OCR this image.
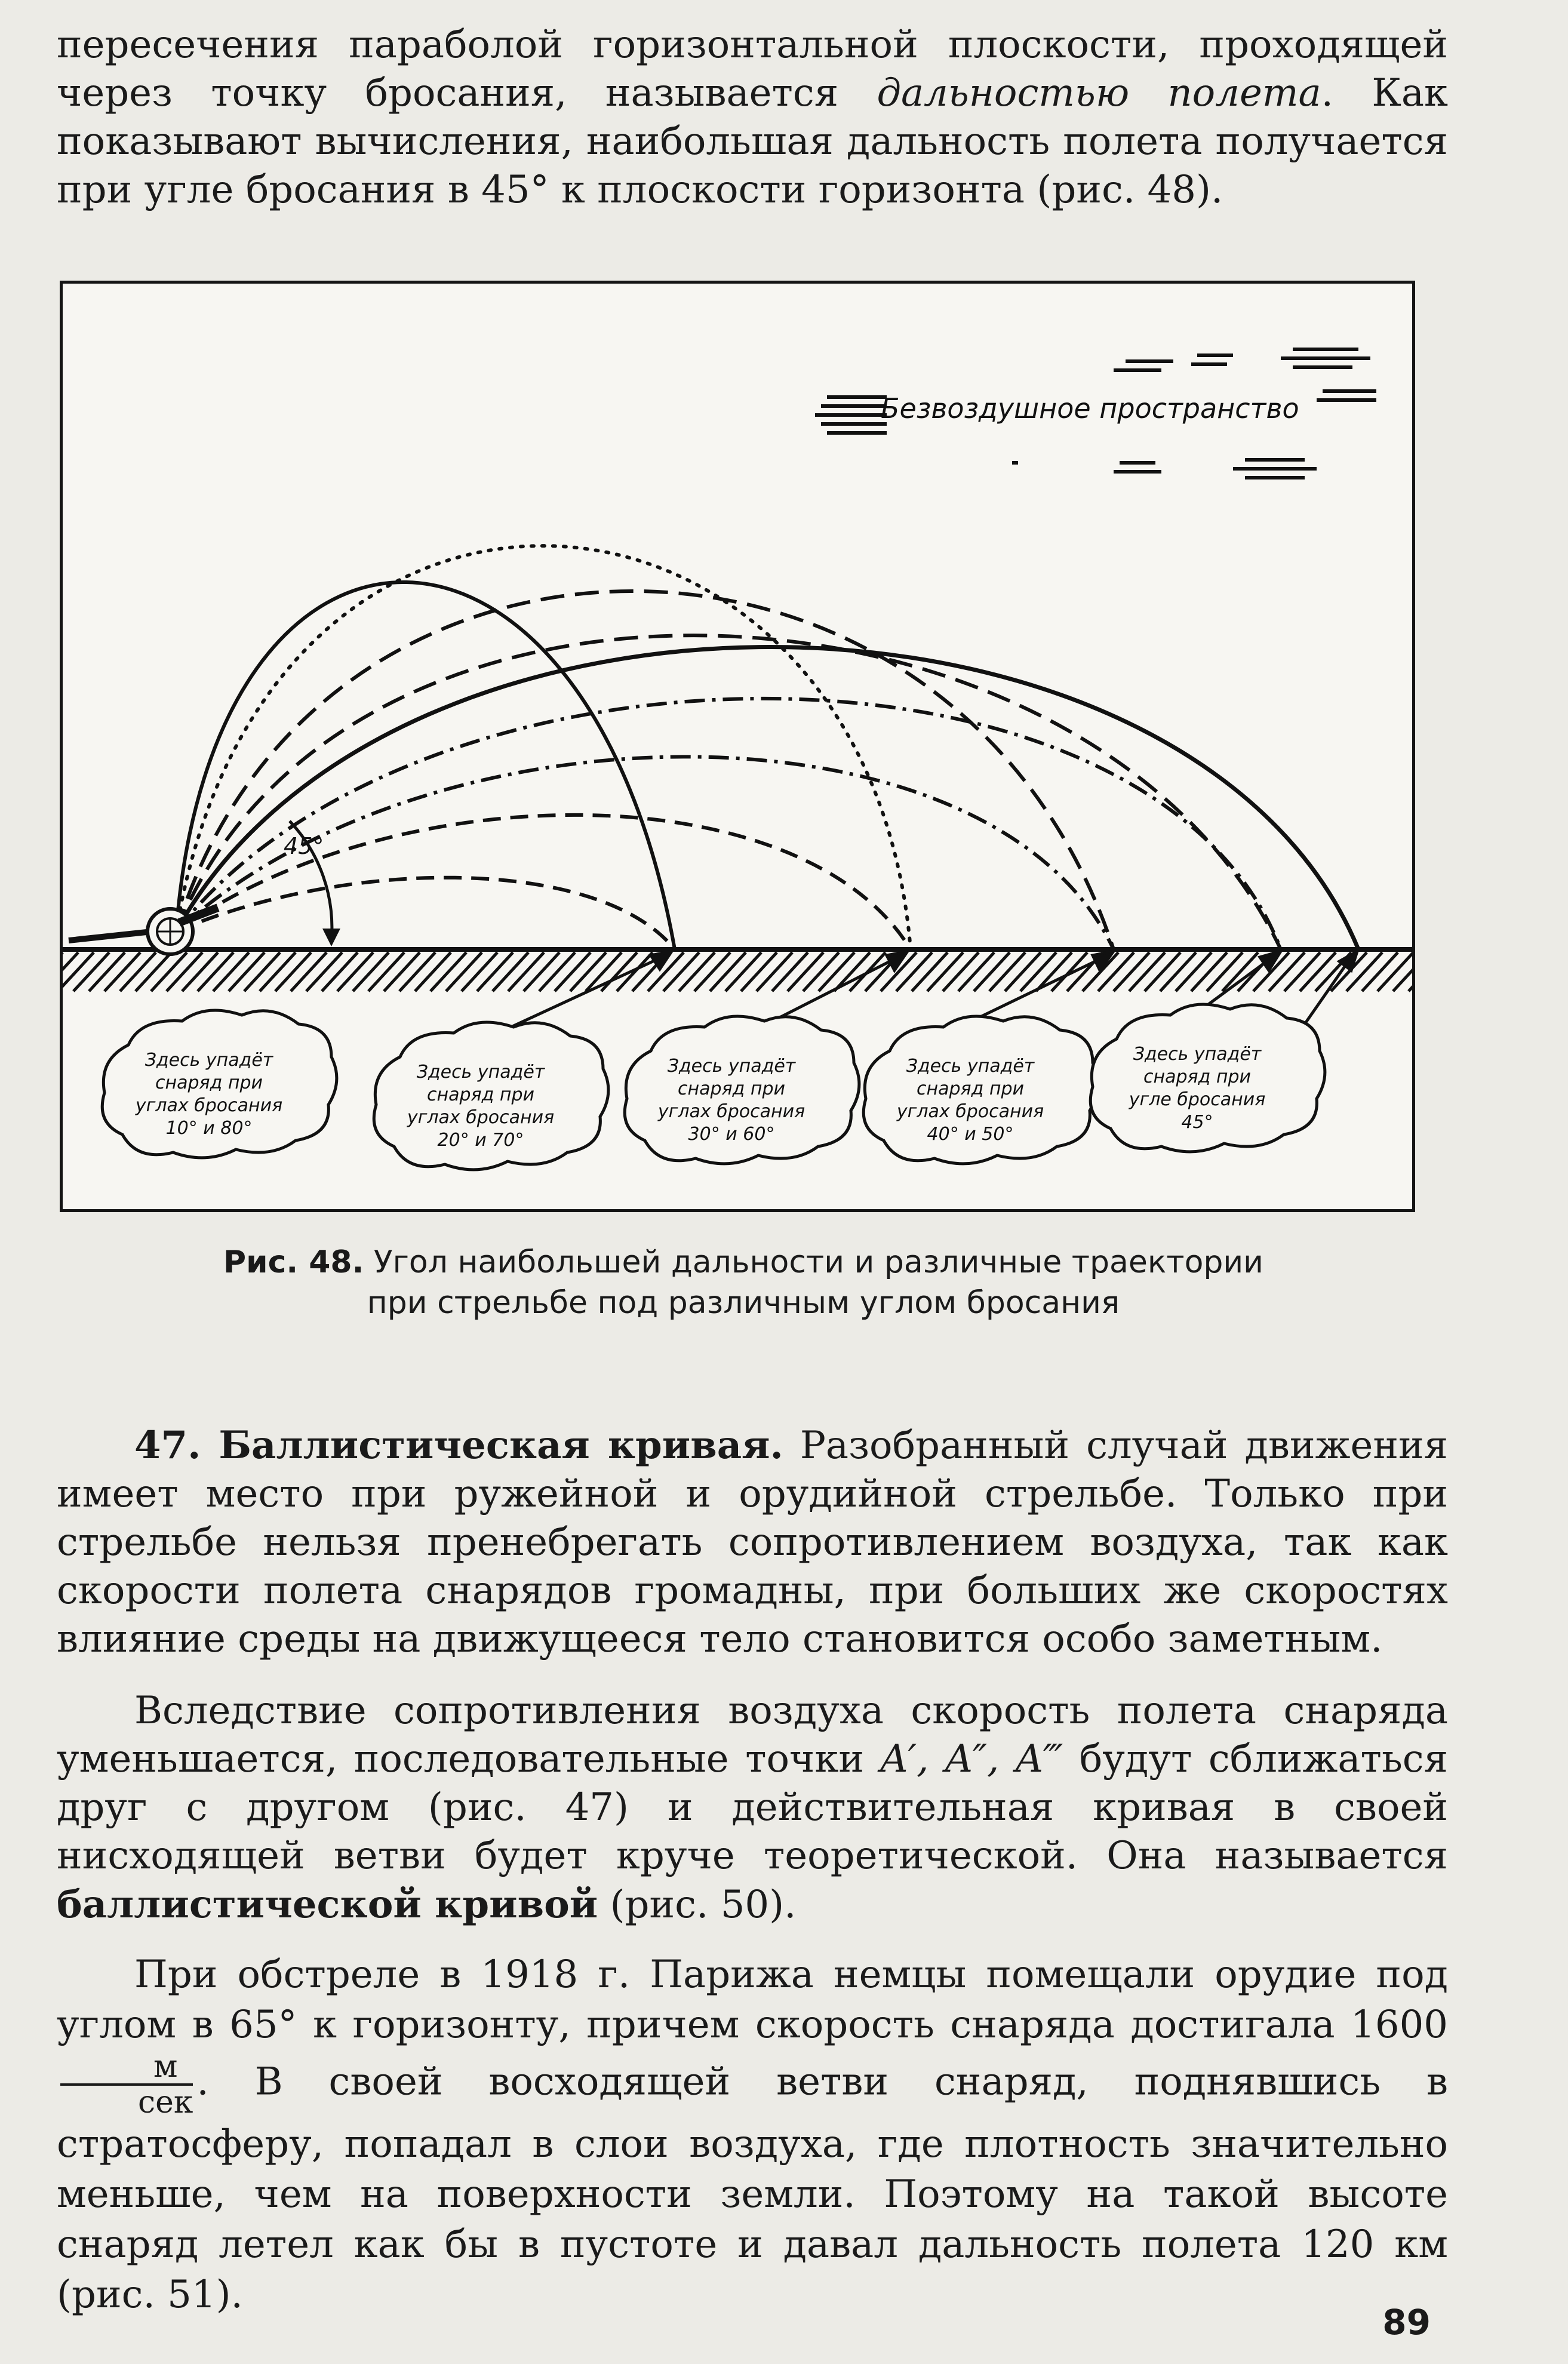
пересечения параболой горизонтальной плоскости, проходящей через точку бросания, называется дальностью полета. Как показывают вычисления, наибольшая дальность полета получается при угле бросания в 45° к плоскости горизонта (рис. 48).

Безвоздушное пространство
45°
Здесь упадёт
снаряд при
углах бросания
10° и 80°
Здесь упадёт
снаряд при
углах бросания
20° и 70°
Здесь упадёт
снаряд при
углах бросания
30° и 60°
Здесь упадёт
снаряд при
углах бросания
40° и 50°
Здесь упадёт
снаряд при
угле бросания
45°
Рис. 48. Угол наибольшей дальности и различные траектории
при стрельбе под различным углом бросания

47. Баллистическая кривая. Разобранный случай движения имеет место при ружейной и орудийной стрельбе. Только при стрельбе нельзя пренебрегать сопротивлением воздуха, так как скорости полета снарядов громадны, при больших же скоростях влияние среды на движущееся тело становится особо заметным.

Вследствие сопротивления воздуха скорость полета снаряда уменьшается, последовательные точки A′, A″, A‴ будут сближаться друг с другом (рис. 47) и действительная кривая в своей нисходящей ветви будет круче теоретической. Она называется баллистической кривой (рис. 50).

При обстреле в 1918 г. Парижа немцы помещали орудие под углом в 65° к горизонту, причем скорость снаряда достигала 1600
$\frac{м}{\text{сек}}$ . В своей восходящей ветви снаряд, поднявшись в стратосферу, попадал в слои воздуха, где плотность значительно меньше, чем на поверхности земли. Поэтому на такой высоте снаряд летел как бы в пустоте и давал дальность полета 120 км (рис. 51).

89
